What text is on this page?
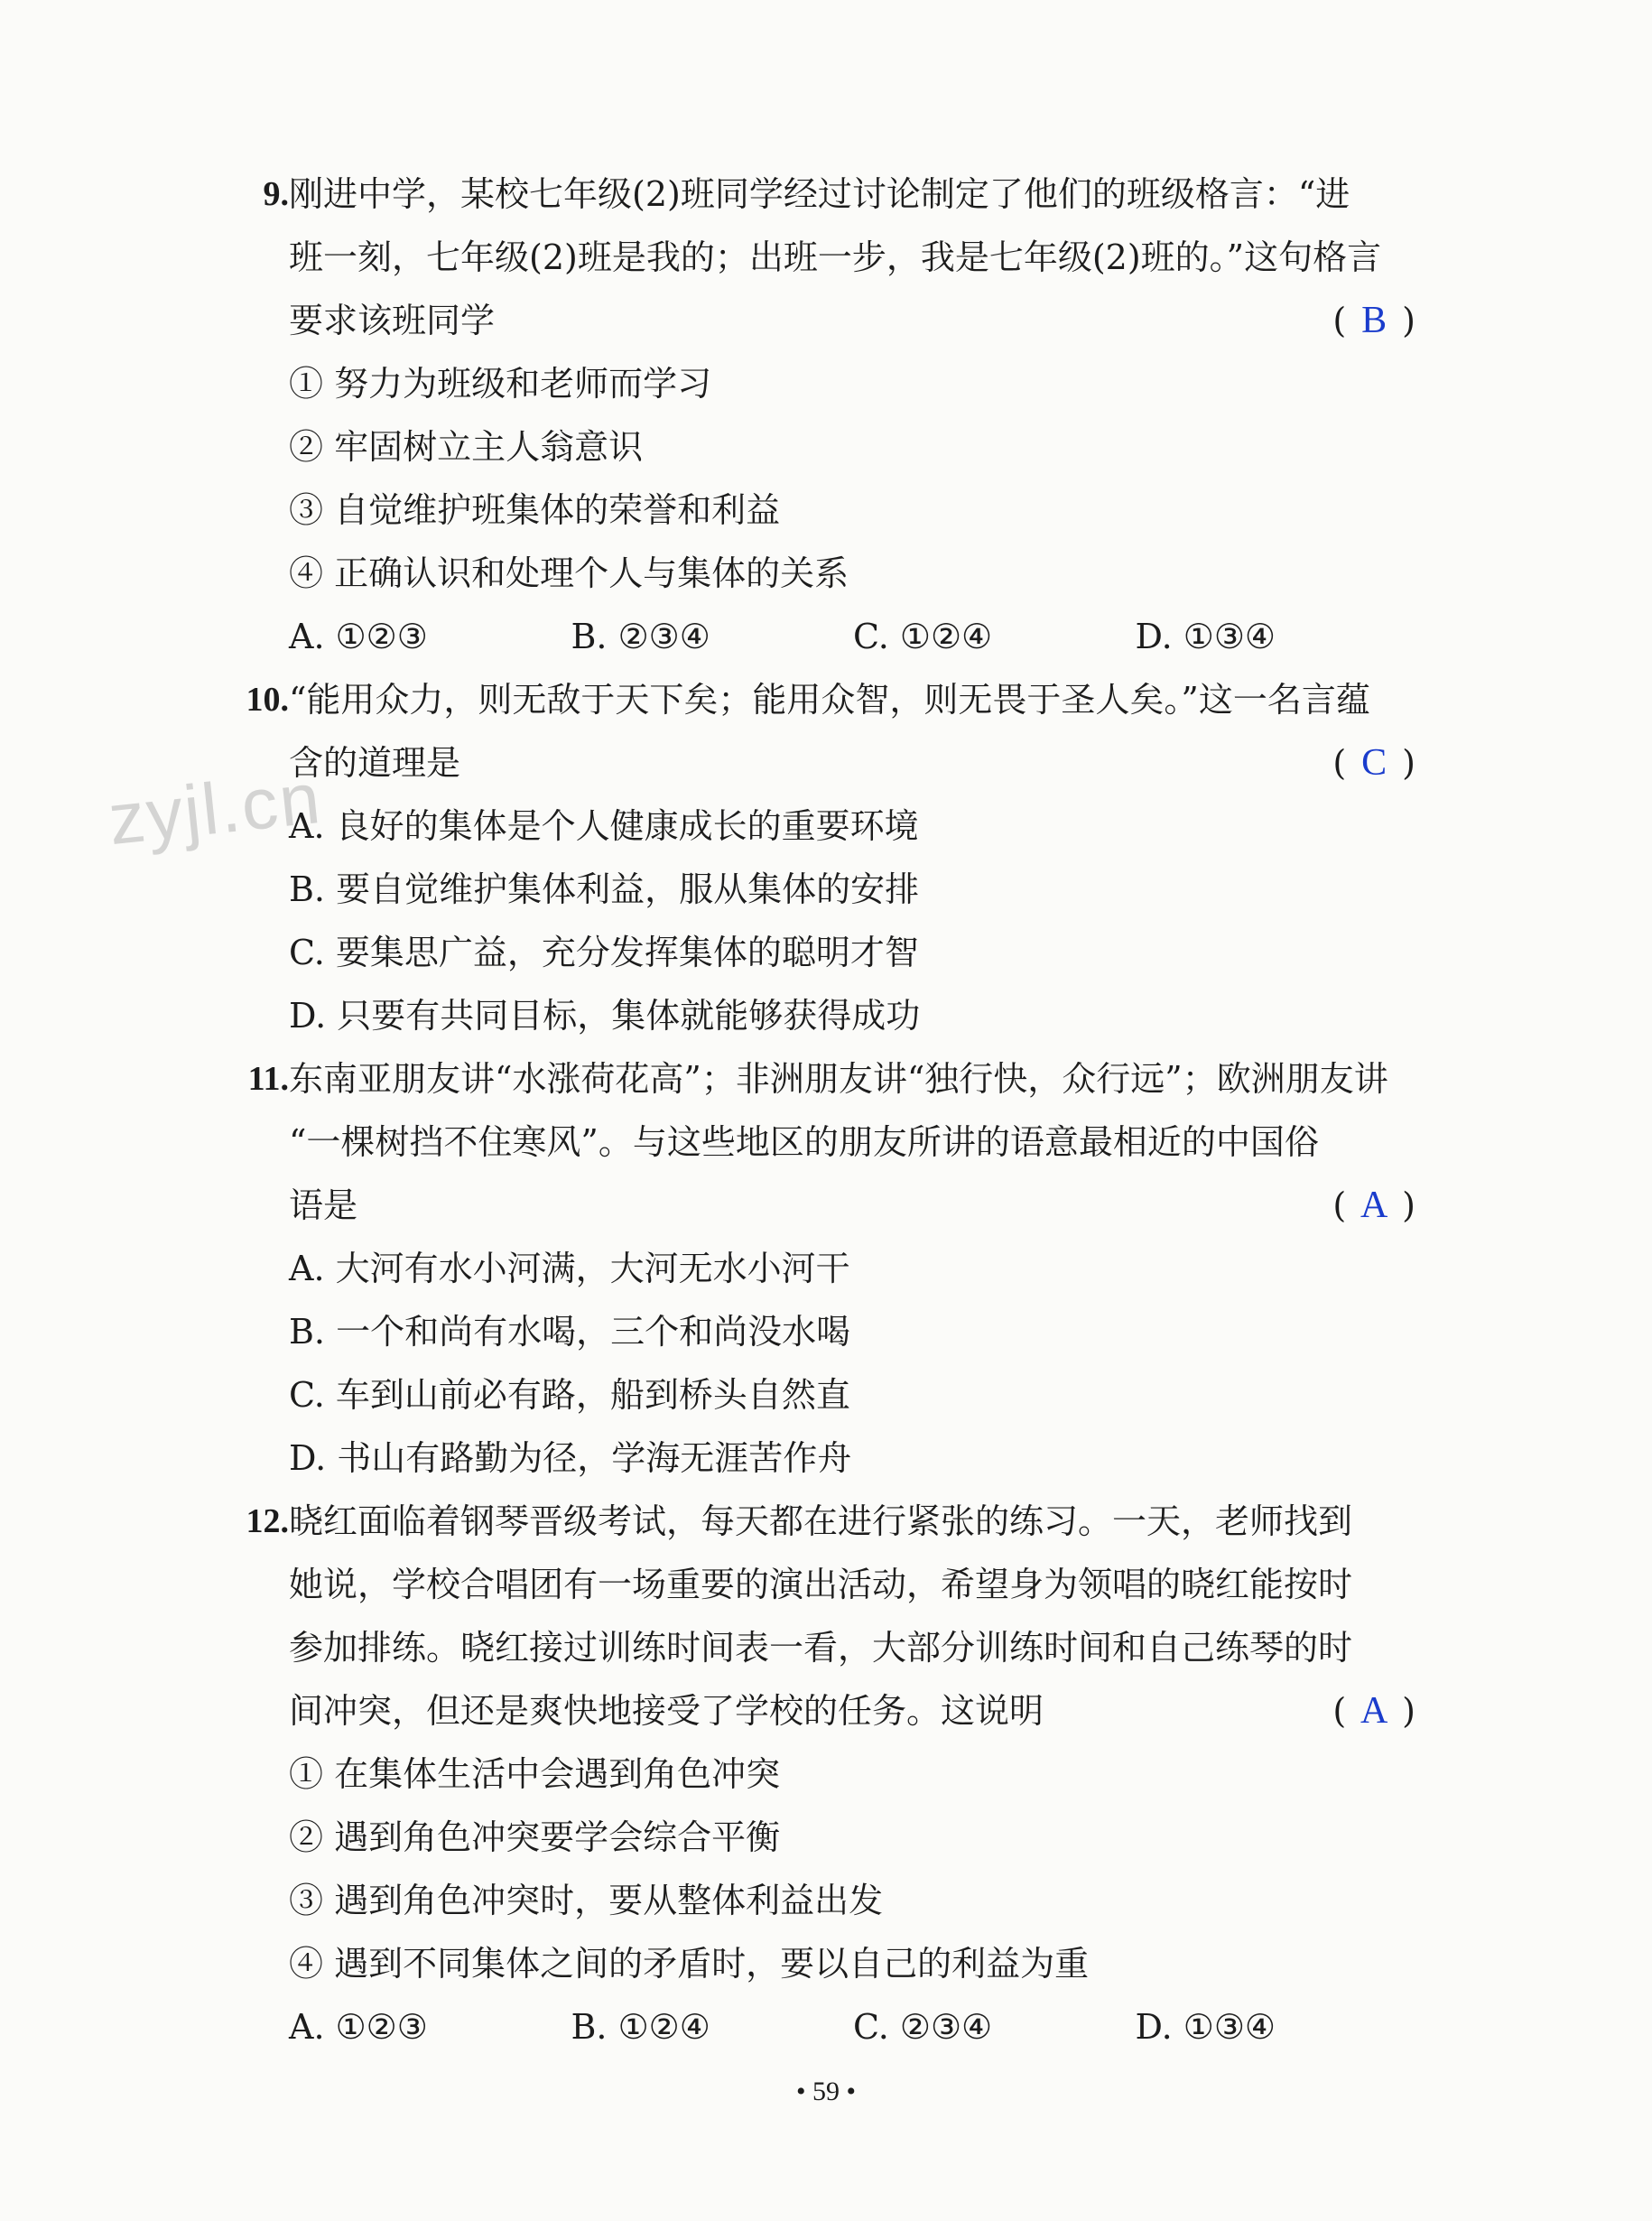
zyjl.cn
9. 刚进中学，某校七年级(2)班同学经过讨论制定了他们的班级格言：“进
班一刻，七年级(2)班是我的；出班一步，我是七年级(2)班的。”这句格言
要求该班同学	( B )
① 努力为班级和老师而学习
② 牢固树立主人翁意识
③ 自觉维护班集体的荣誉和利益
④ 正确认识和处理个人与集体的关系
A. ①②③	B. ②③④	C. ①②④	D. ①③④
10. “能用众力，则无敌于天下矣；能用众智，则无畏于圣人矣。”这一名言蕴
含的道理是	( C )
A. 良好的集体是个人健康成长的重要环境
B. 要自觉维护集体利益，服从集体的安排
C. 要集思广益，充分发挥集体的聪明才智
D. 只要有共同目标，集体就能够获得成功
11. 东南亚朋友讲“水涨荷花高”；非洲朋友讲“独行快，众行远”；欧洲朋友讲
“一棵树挡不住寒风”。与这些地区的朋友所讲的语意最相近的中国俗
语是	( A )
A. 大河有水小河满，大河无水小河干
B. 一个和尚有水喝，三个和尚没水喝
C. 车到山前必有路，船到桥头自然直
D. 书山有路勤为径，学海无涯苦作舟
12. 晓红面临着钢琴晋级考试，每天都在进行紧张的练习。一天，老师找到
她说，学校合唱团有一场重要的演出活动，希望身为领唱的晓红能按时
参加排练。晓红接过训练时间表一看，大部分训练时间和自己练琴的时
间冲突，但还是爽快地接受了学校的任务。这说明	( A )
① 在集体生活中会遇到角色冲突
② 遇到角色冲突要学会综合平衡
③ 遇到角色冲突时，要从整体利益出发
④ 遇到不同集体之间的矛盾时，要以自己的利益为重
A. ①②③	B. ①②④	C. ②③④	D. ①③④
• 59 •
